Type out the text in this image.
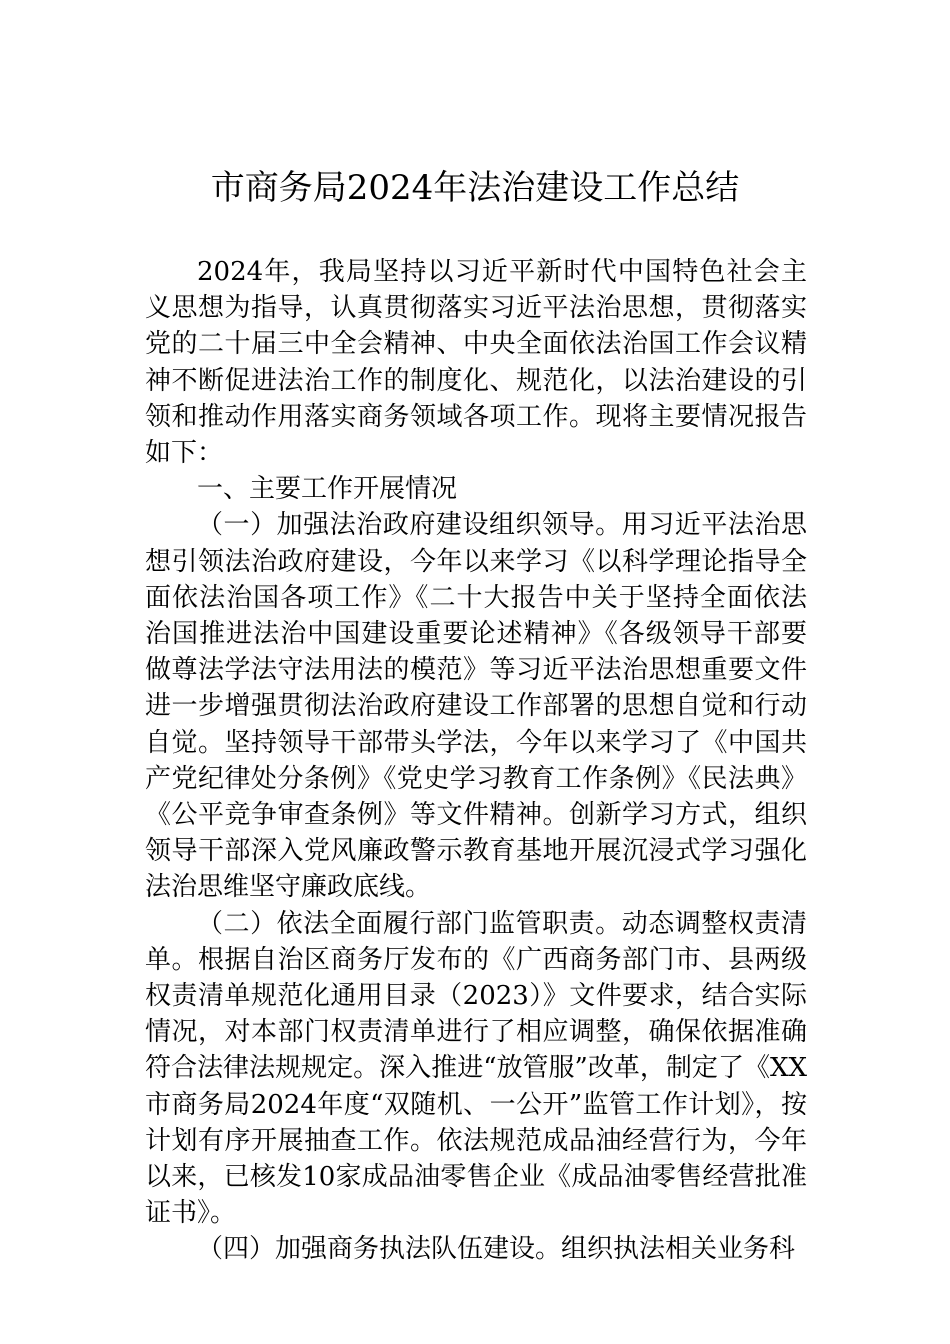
市商务局2024年法治建设工作总结

2024年，我局坚持以习近平新时代中国特色社会主义思想为指导，认真贯彻落实习近平法治思想，贯彻落实党的二十届三中全会精神、中央全面依法治国工作会议精神不断促进法治工作的制度化、规范化，以法治建设的引领和推动作用落实商务领域各项工作。现将主要情况报告如下：

一、主要工作开展情况

（一）加强法治政府建设组织领导。用习近平法治思想引领法治政府建设，今年以来学习《以科学理论指导全面依法治国各项工作》《二十大报告中关于坚持全面依法治国推进法治中国建设重要论述精神》《各级领导干部要做尊法学法守法用法的模范》等习近平法治思想重要文件进一步增强贯彻法治政府建设工作部署的思想自觉和行动自觉。坚持领导干部带头学法，今年以来学习了《中国共产党纪律处分条例》《党史学习教育工作条例》《民法典》《公平竞争审查条例》等文件精神。创新学习方式，组织领导干部深入党风廉政警示教育基地开展沉浸式学习强化法治思维坚守廉政底线。

（二）依法全面履行部门监管职责。动态调整权责清单。根据自治区商务厅发布的《广西商务部门市、县两级权责清单规范化通用目录（2023）》文件要求，结合实际情况，对本部门权责清单进行了相应调整，确保依据准确符合法律法规规定。深入推进“放管服”改革，制定了《XX市商务局2024年度“双随机、一公开”监管工作计划》，按计划有序开展抽查工作。依法规范成品油经营行为，今年以来，已核发10家成品油零售企业《成品油零售经营批准证书》。

（四）加强商务执法队伍建设。组织执法相关业务科
